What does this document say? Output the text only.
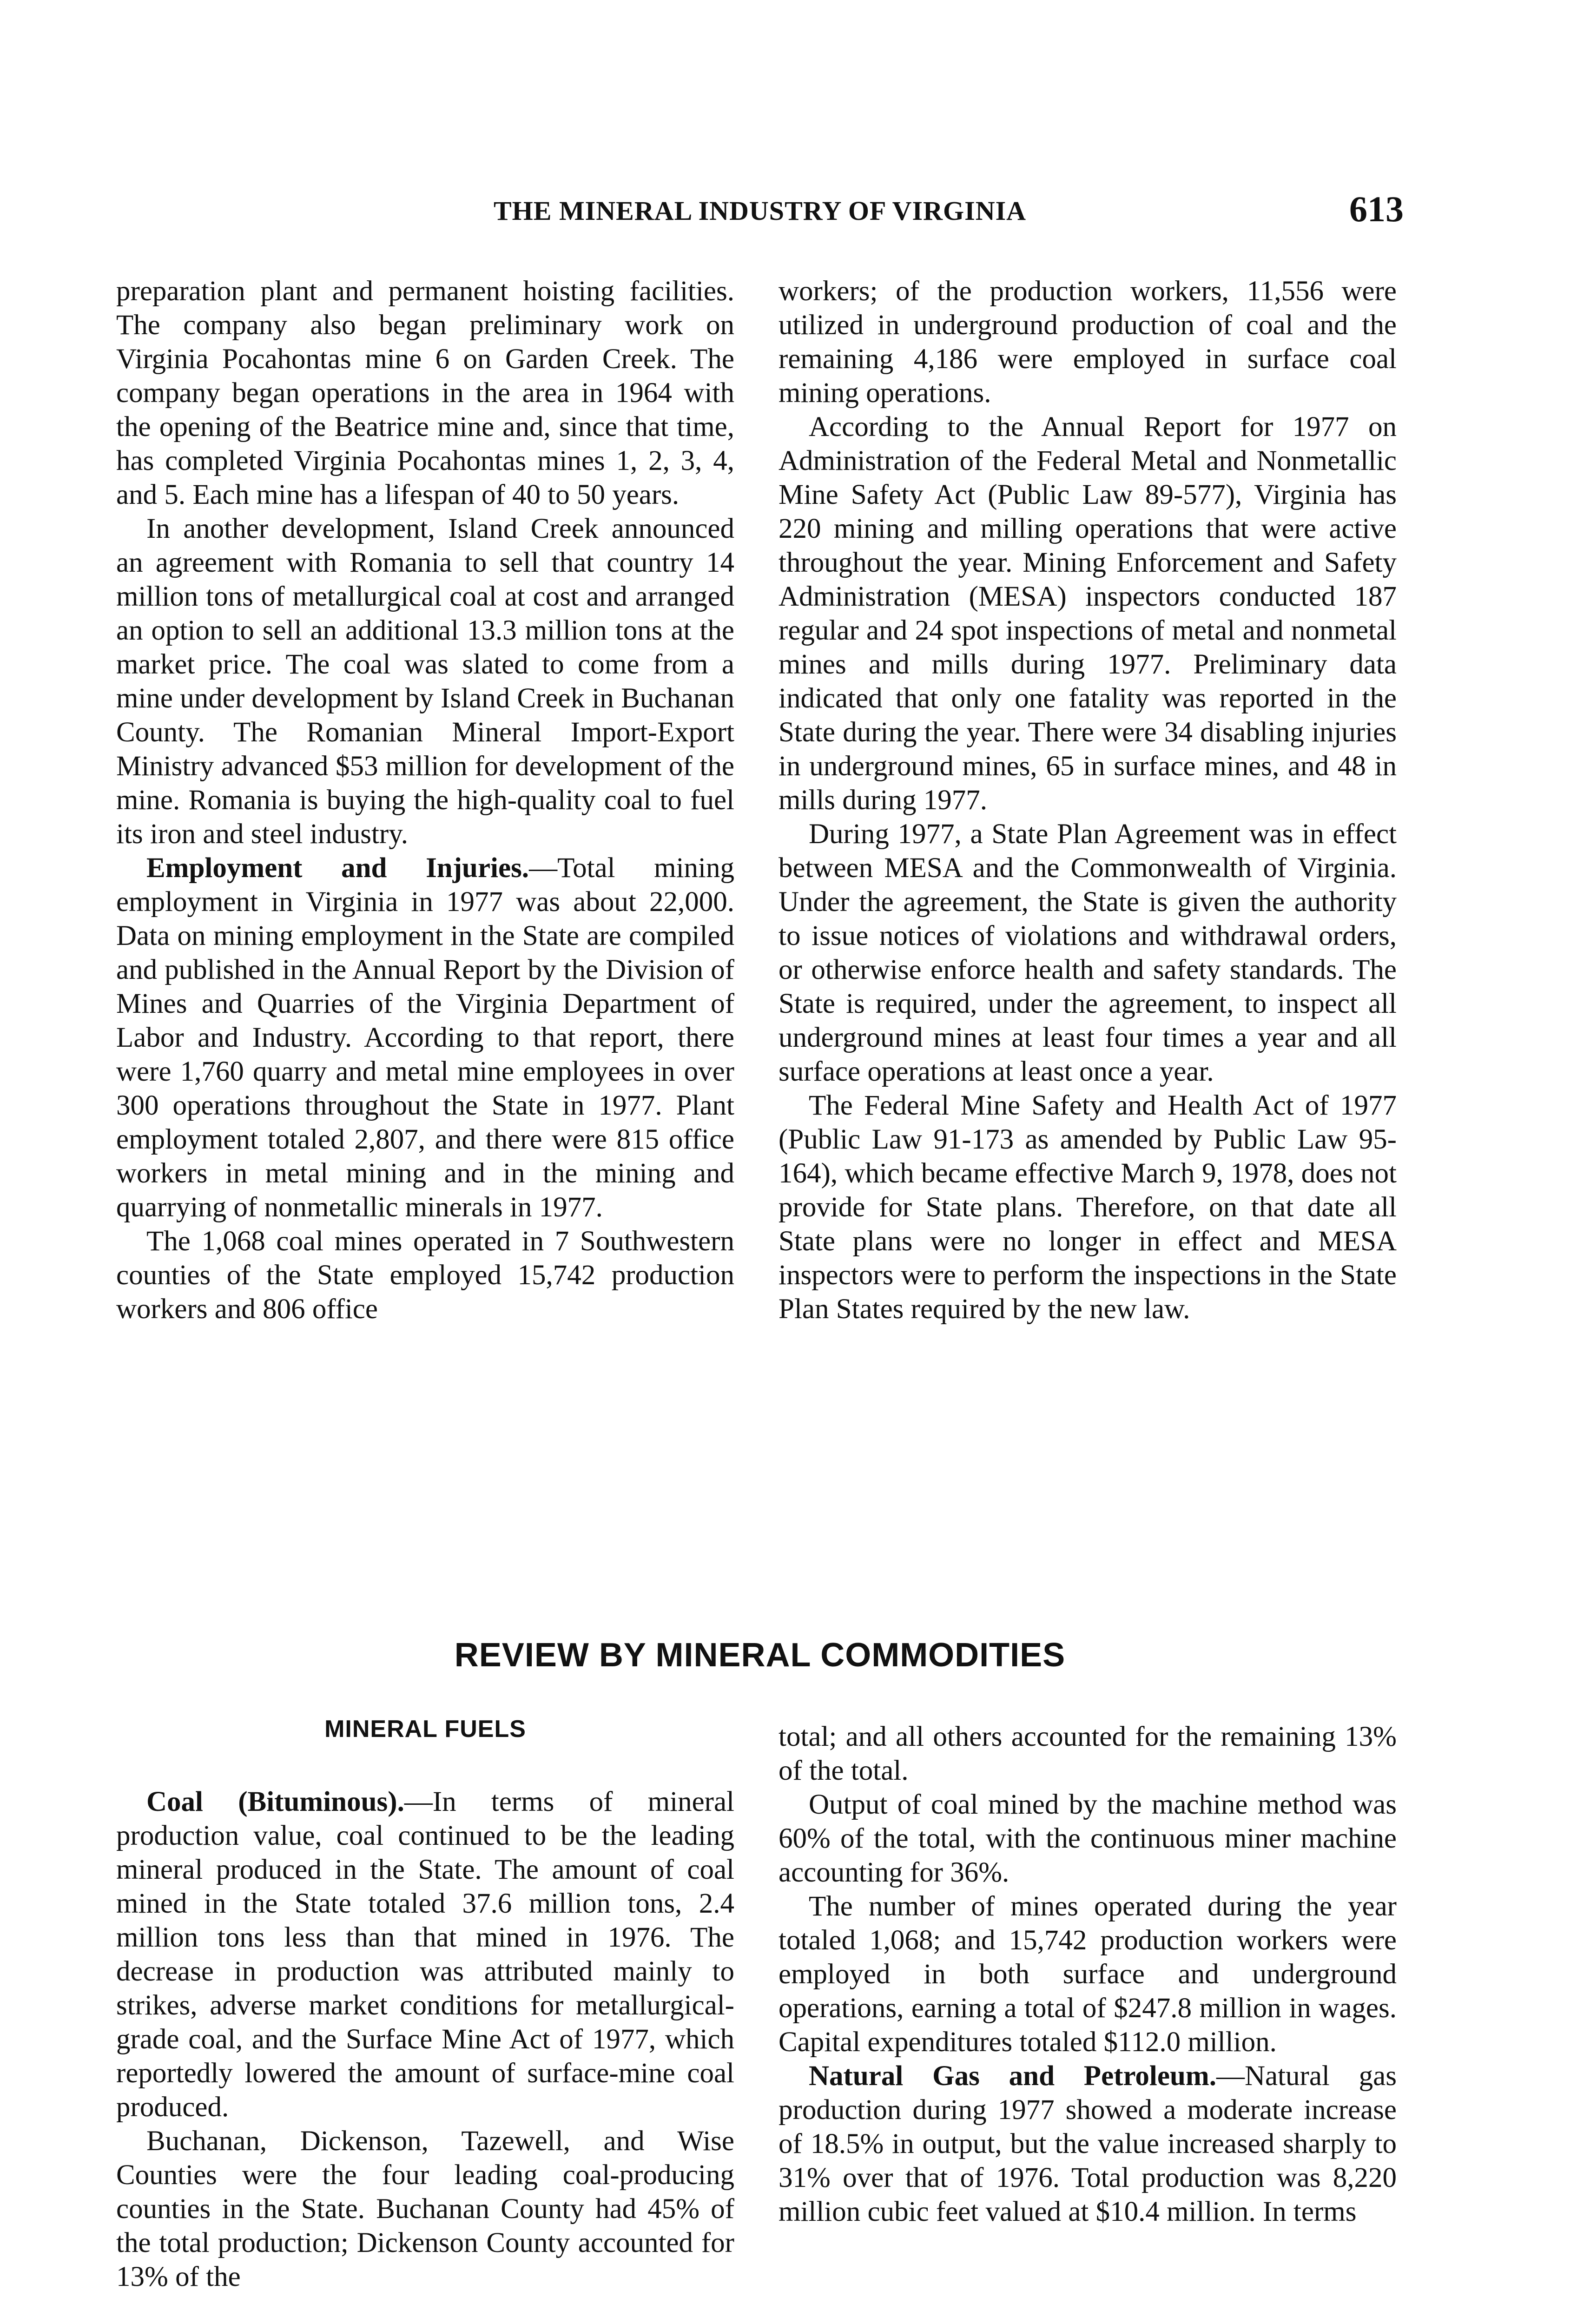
THE MINERAL INDUSTRY OF VIRGINIA	613

preparation plant and permanent hoisting facilities. The company also began preliminary work on Virginia Pocahontas mine 6 on Garden Creek. The company began operations in the area in 1964 with the opening of the Beatrice mine and, since that time, has completed Virginia Pocahontas mines 1, 2, 3, 4, and 5. Each mine has a lifespan of 40 to 50 years.

In another development, Island Creek announced an agreement with Romania to sell that country 14 million tons of metallurgical coal at cost and arranged an option to sell an additional 13.3 million tons at the market price. The coal was slated to come from a mine under development by Island Creek in Buchanan County. The Romanian Mineral Import-Export Ministry advanced $53 million for development of the mine. Romania is buying the high-quality coal to fuel its iron and steel industry.

Employment and Injuries.—Total mining employment in Virginia in 1977 was about 22,000. Data on mining employment in the State are compiled and published in the Annual Report by the Division of Mines and Quarries of the Virginia Department of Labor and Industry. According to that report, there were 1,760 quarry and metal mine employees in over 300 operations throughout the State in 1977. Plant employment totaled 2,807, and there were 815 office workers in metal mining and in the mining and quarrying of nonmetallic minerals in 1977.

The 1,068 coal mines operated in 7 Southwestern counties of the State employed 15,742 production workers and 806 office

workers; of the production workers, 11,556 were utilized in underground production of coal and the remaining 4,186 were employed in surface coal mining operations.

According to the Annual Report for 1977 on Administration of the Federal Metal and Nonmetallic Mine Safety Act (Public Law 89-577), Virginia has 220 mining and milling operations that were active throughout the year. Mining Enforcement and Safety Administration (MESA) inspectors conducted 187 regular and 24 spot inspections of metal and nonmetal mines and mills during 1977. Preliminary data indicated that only one fatality was reported in the State during the year. There were 34 disabling injuries in underground mines, 65 in surface mines, and 48 in mills during 1977.

During 1977, a State Plan Agreement was in effect between MESA and the Commonwealth of Virginia. Under the agreement, the State is given the authority to issue notices of violations and withdrawal orders, or otherwise enforce health and safety standards. The State is required, under the agreement, to inspect all underground mines at least four times a year and all surface operations at least once a year.

The Federal Mine Safety and Health Act of 1977 (Public Law 91-173 as amended by Public Law 95-164), which became effective March 9, 1978, does not provide for State plans. Therefore, on that date all State plans were no longer in effect and MESA inspectors were to perform the inspections in the State Plan States required by the new law.

REVIEW BY MINERAL COMMODITIES
MINERAL FUELS

Coal (Bituminous).—In terms of mineral production value, coal continued to be the leading mineral produced in the State. The amount of coal mined in the State totaled 37.6 million tons, 2.4 million tons less than that mined in 1976. The decrease in production was attributed mainly to strikes, adverse market conditions for metallurgical-grade coal, and the Surface Mine Act of 1977, which reportedly lowered the amount of surface-mine coal produced.

Buchanan, Dickenson, Tazewell, and Wise Counties were the four leading coal-producing counties in the State. Buchanan County had 45% of the total production; Dickenson County accounted for 13% of the

total; and all others accounted for the remaining 13% of the total.

Output of coal mined by the machine method was 60% of the total, with the continuous miner machine accounting for 36%.

The number of mines operated during the year totaled 1,068; and 15,742 production workers were employed in both surface and underground operations, earning a total of $247.8 million in wages. Capital expenditures totaled $112.0 million.

Natural Gas and Petroleum.—Natural gas production during 1977 showed a moderate increase of 18.5% in output, but the value increased sharply to 31% over that of 1976. Total production was 8,220 million cubic feet valued at $10.4 million. In terms
